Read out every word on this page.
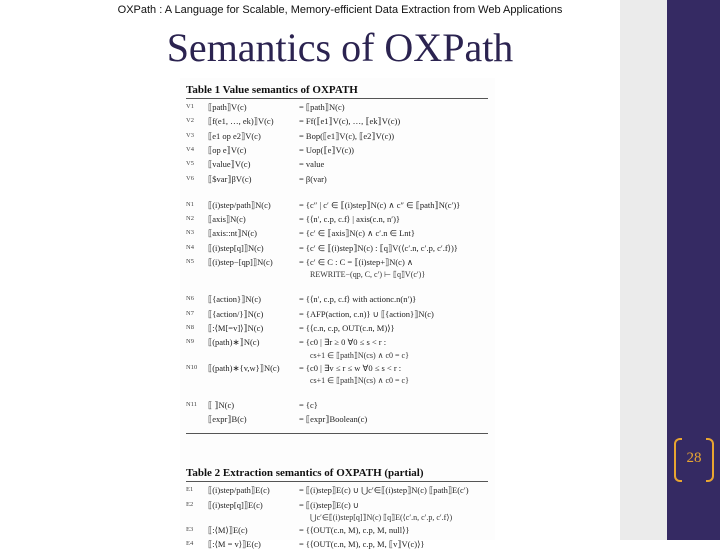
OXPath : A Language for Scalable, Memory-efficient Data Extraction from Web Applications
Semantics of OXPath
28
Table 1 Value semantics of OXPATH
V1 ⟦path⟧V(c)	= ⟦path⟧N(c)
V2 ⟦f(e1, …, ek)⟧V(c)	= Ff(⟦e1⟧V(c), …, ⟦ek⟧V(c))
V3 ⟦e1 op e2⟧V(c)	= Bop(⟦e1⟧V(c), ⟦e2⟧V(c))
V4 ⟦op e⟧V(c)	= Uop(⟦e⟧V(c))
V5 ⟦value⟧V(c)	= value
V6 ⟦$var⟧βV(c)	= β(var)
N1 ⟦(i)step/path⟧N(c)	= {c″ | c′ ∈ ⟦(i)step⟧N(c) ∧ c″ ∈ ⟦path⟧N(c′)}
N2 ⟦axis⟧N(c)	= {⟨n′, c.p, c.f⟩ | axis(c.n, n′)}
N3 ⟦axis::nt⟧N(c)	= {c′ ∈ ⟦axis⟧N(c) ∧ c′.n ∈ Lnt}
N4 ⟦(i)step[q]⟧N(c)	= {c′ ∈ ⟦(i)step⟧N(c) : ⟦q⟧V(⟨c′.n, c′.p, c′.f⟩)}
N5 ⟦(i)step−[qp]⟧N(c)	= {c′ ∈ C : C = ⟦(i)step+⟧N(c) ∧
REWRITE−(qp, C, c′) ⊢ ⟦q⟧V(c′)}
N6 ⟦{action}⟧N(c)	= {⟨n′, c.p, c.f⟩ with actionc.n(n′)}
N7 ⟦{action/}⟧N(c)	= {AFP(action, c.n)} ∪ ⟦{action}⟧N(c)
N8 ⟦:⟨M[=v]⟩⟧N(c)	= {⟨c.n, c.p, OUT(c.n, M)⟩}
N9 ⟦(path)∗⟧N(c)	= {c0 | ∃r ≥ 0 ∀0 ≤ s < r :
cs+1 ∈ ⟦path⟧N(cs) ∧ c0 = c}
N10 ⟦(path)∗{v,w}⟧N(c) = {c0 | ∃v ≤ r ≤ w ∀0 ≤ s < r :
cs+1 ∈ ⟦path⟧N(cs) ∧ c0 = c}
N11 ⟦ ⟧N(c)	= {c}
⟦expr⟧B(c)	= ⟦expr⟧Boolean(c)
Table 2 Extraction semantics of OXPATH (partial)
E1 ⟦(i)step/path⟧E(c)	= ⟦(i)step⟧E(c) ∪ ⋃c′∈⟦(i)step⟧N(c) ⟦path⟧E(c′)
E2 ⟦(i)step[q]⟧E(c)	= ⟦(i)step⟧E(c) ∪
⋃c′∈⟦(i)step[q]⟧N(c) ⟦q⟧E(⟨c′.n, c′.p, c′.f⟩)
E3 ⟦:⟨M⟩⟧E(c)	= {⟨OUT(c.n, M), c.p, M, null⟩}
E4 ⟦:⟨M = v⟩⟧E(c)	= {⟨OUT(c.n, M), c.p, M, ⟦v⟧V(c)⟩}
